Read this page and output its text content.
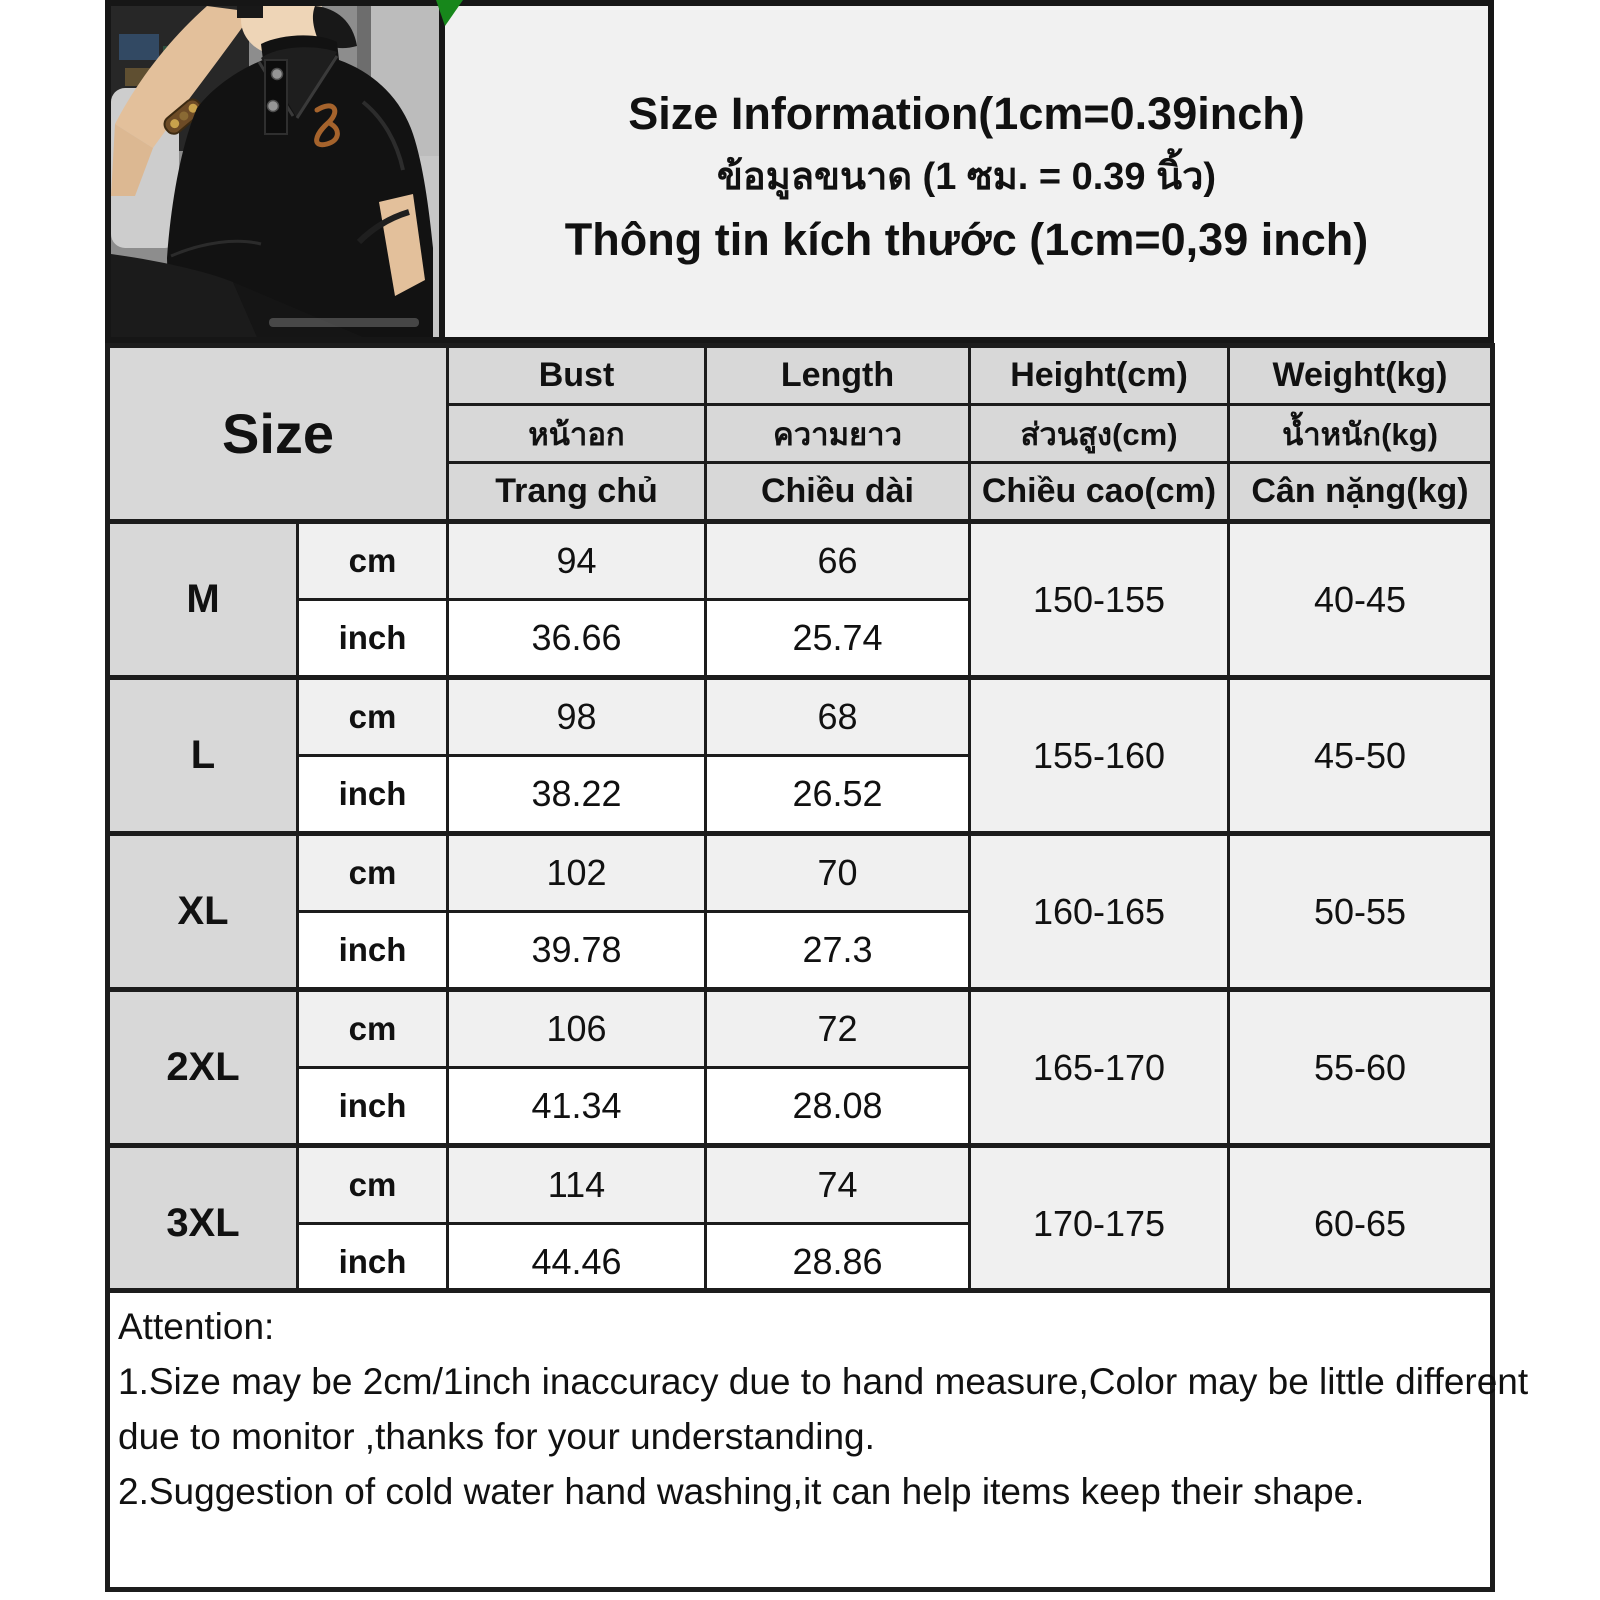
Size Information(1cm=0.39inch)
ข้อมูลขนาด (1 ซม. = 0.39 นิ้ว)
Thông tin kích thước (1cm=0,39 inch)
Size		Bust	Length	Height(cm)	Weight(kg)
		หน้าอก	ความยาว	ส่วนสูง(cm)	น้ำหนัก(kg)
		Trang chủ	Chiều dài	Chiều cao(cm)	Cân nặng(kg)
M	cm	94	66	150-155	40-45
	inch	36.66	25.74		
L	cm	98	68	155-160	45-50
	inch	38.22	26.52		
XL	cm	102	70	160-165	50-55
	inch	39.78	27.3		
2XL	cm	106	72	165-170	55-60
	inch	41.34	28.08		
3XL	cm	114	74	170-175	60-65
	inch	44.46	28.86		
Attention:
1.Size may be 2cm/1inch inaccuracy due to hand measure,Color may be little different
due to monitor ,thanks for your understanding.
2.Suggestion of cold water hand washing,it can help items keep their shape.
